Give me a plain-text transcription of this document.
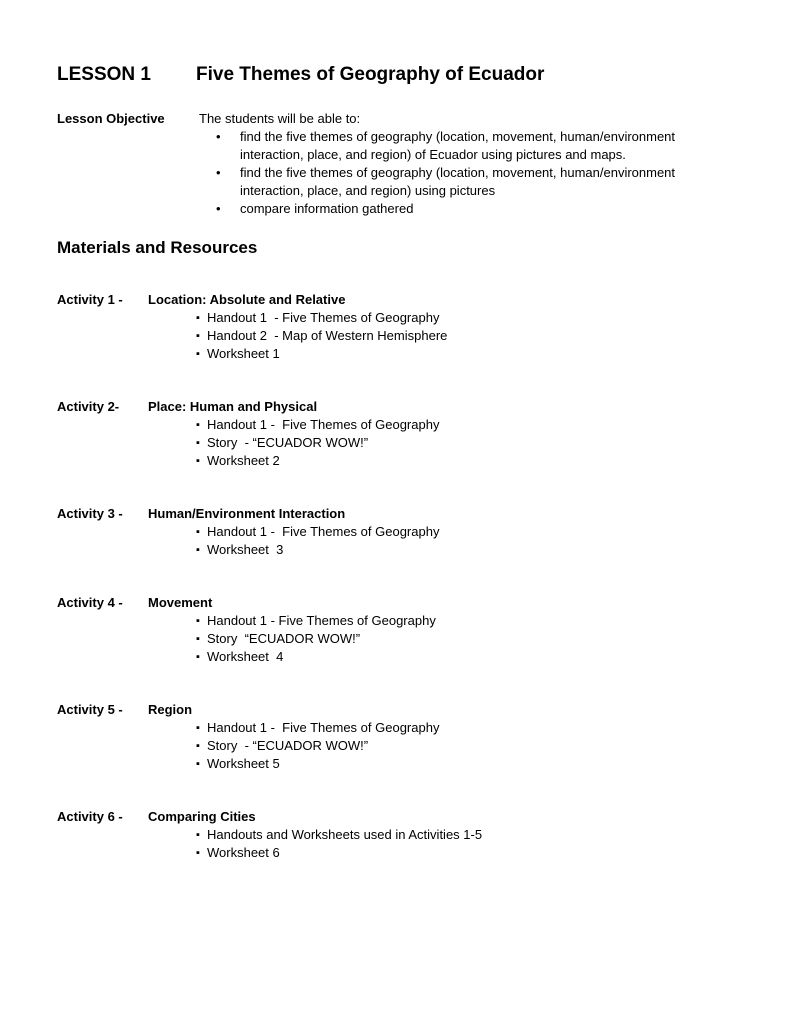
LESSON 1	Five Themes of Geography of Ecuador
Lesson Objective	The students will be able to:
•	find the five themes of geography (location, movement, human/environment interaction, place, and region) of Ecuador using pictures and maps.
•	find the five themes of geography (location, movement, human/environment interaction, place, and region) using pictures
•	compare information gathered
Materials and Resources
Activity 1 -	Location: Absolute and Relative
▪ Handout 1  - Five Themes of Geography
▪ Handout 2  - Map of Western Hemisphere
▪ Worksheet 1
Activity 2-	Place: Human and Physical
▪ Handout 1 -  Five Themes of Geography
▪ Story  - “ECUADOR WOW!”
▪ Worksheet 2
Activity 3 -	Human/Environment Interaction
▪ Handout 1 -  Five Themes of Geography
▪ Worksheet  3
Activity 4 -	Movement
▪ Handout 1 - Five Themes of Geography
▪ Story  “ECUADOR WOW!”
▪ Worksheet  4
Activity 5 -	Region
▪ Handout 1 -  Five Themes of Geography
▪ Story  - “ECUADOR WOW!”
▪ Worksheet 5
Activity 6 -	Comparing Cities
▪ Handouts and Worksheets used in Activities 1-5
▪ Worksheet 6
